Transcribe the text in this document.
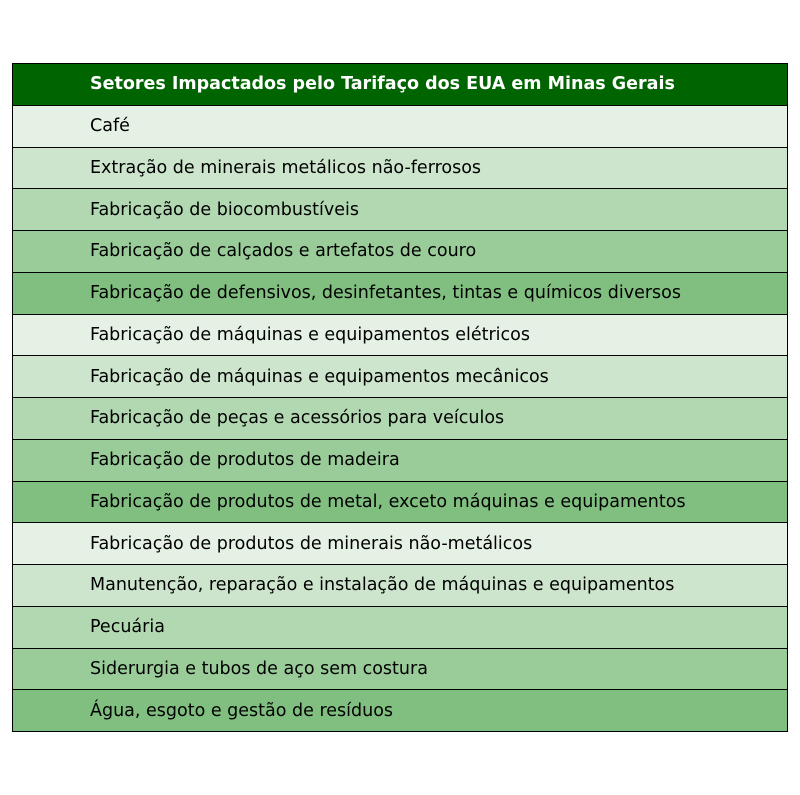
Setores Impactados pelo Tarifaço dos EUA em Minas Gerais
Café
Extração de minerais metálicos não-ferrosos
Fabricação de biocombustíveis
Fabricação de calçados e artefatos de couro
Fabricação de defensivos, desinfetantes, tintas e químicos diversos
Fabricação de máquinas e equipamentos elétricos
Fabricação de máquinas e equipamentos mecânicos
Fabricação de peças e acessórios para veículos
Fabricação de produtos de madeira
Fabricação de produtos de metal, exceto máquinas e equipamentos
Fabricação de produtos de minerais não-metálicos
Manutenção, reparação e instalação de máquinas e equipamentos
Pecuária
Siderurgia e tubos de aço sem costura
Água, esgoto e gestão de resíduos
